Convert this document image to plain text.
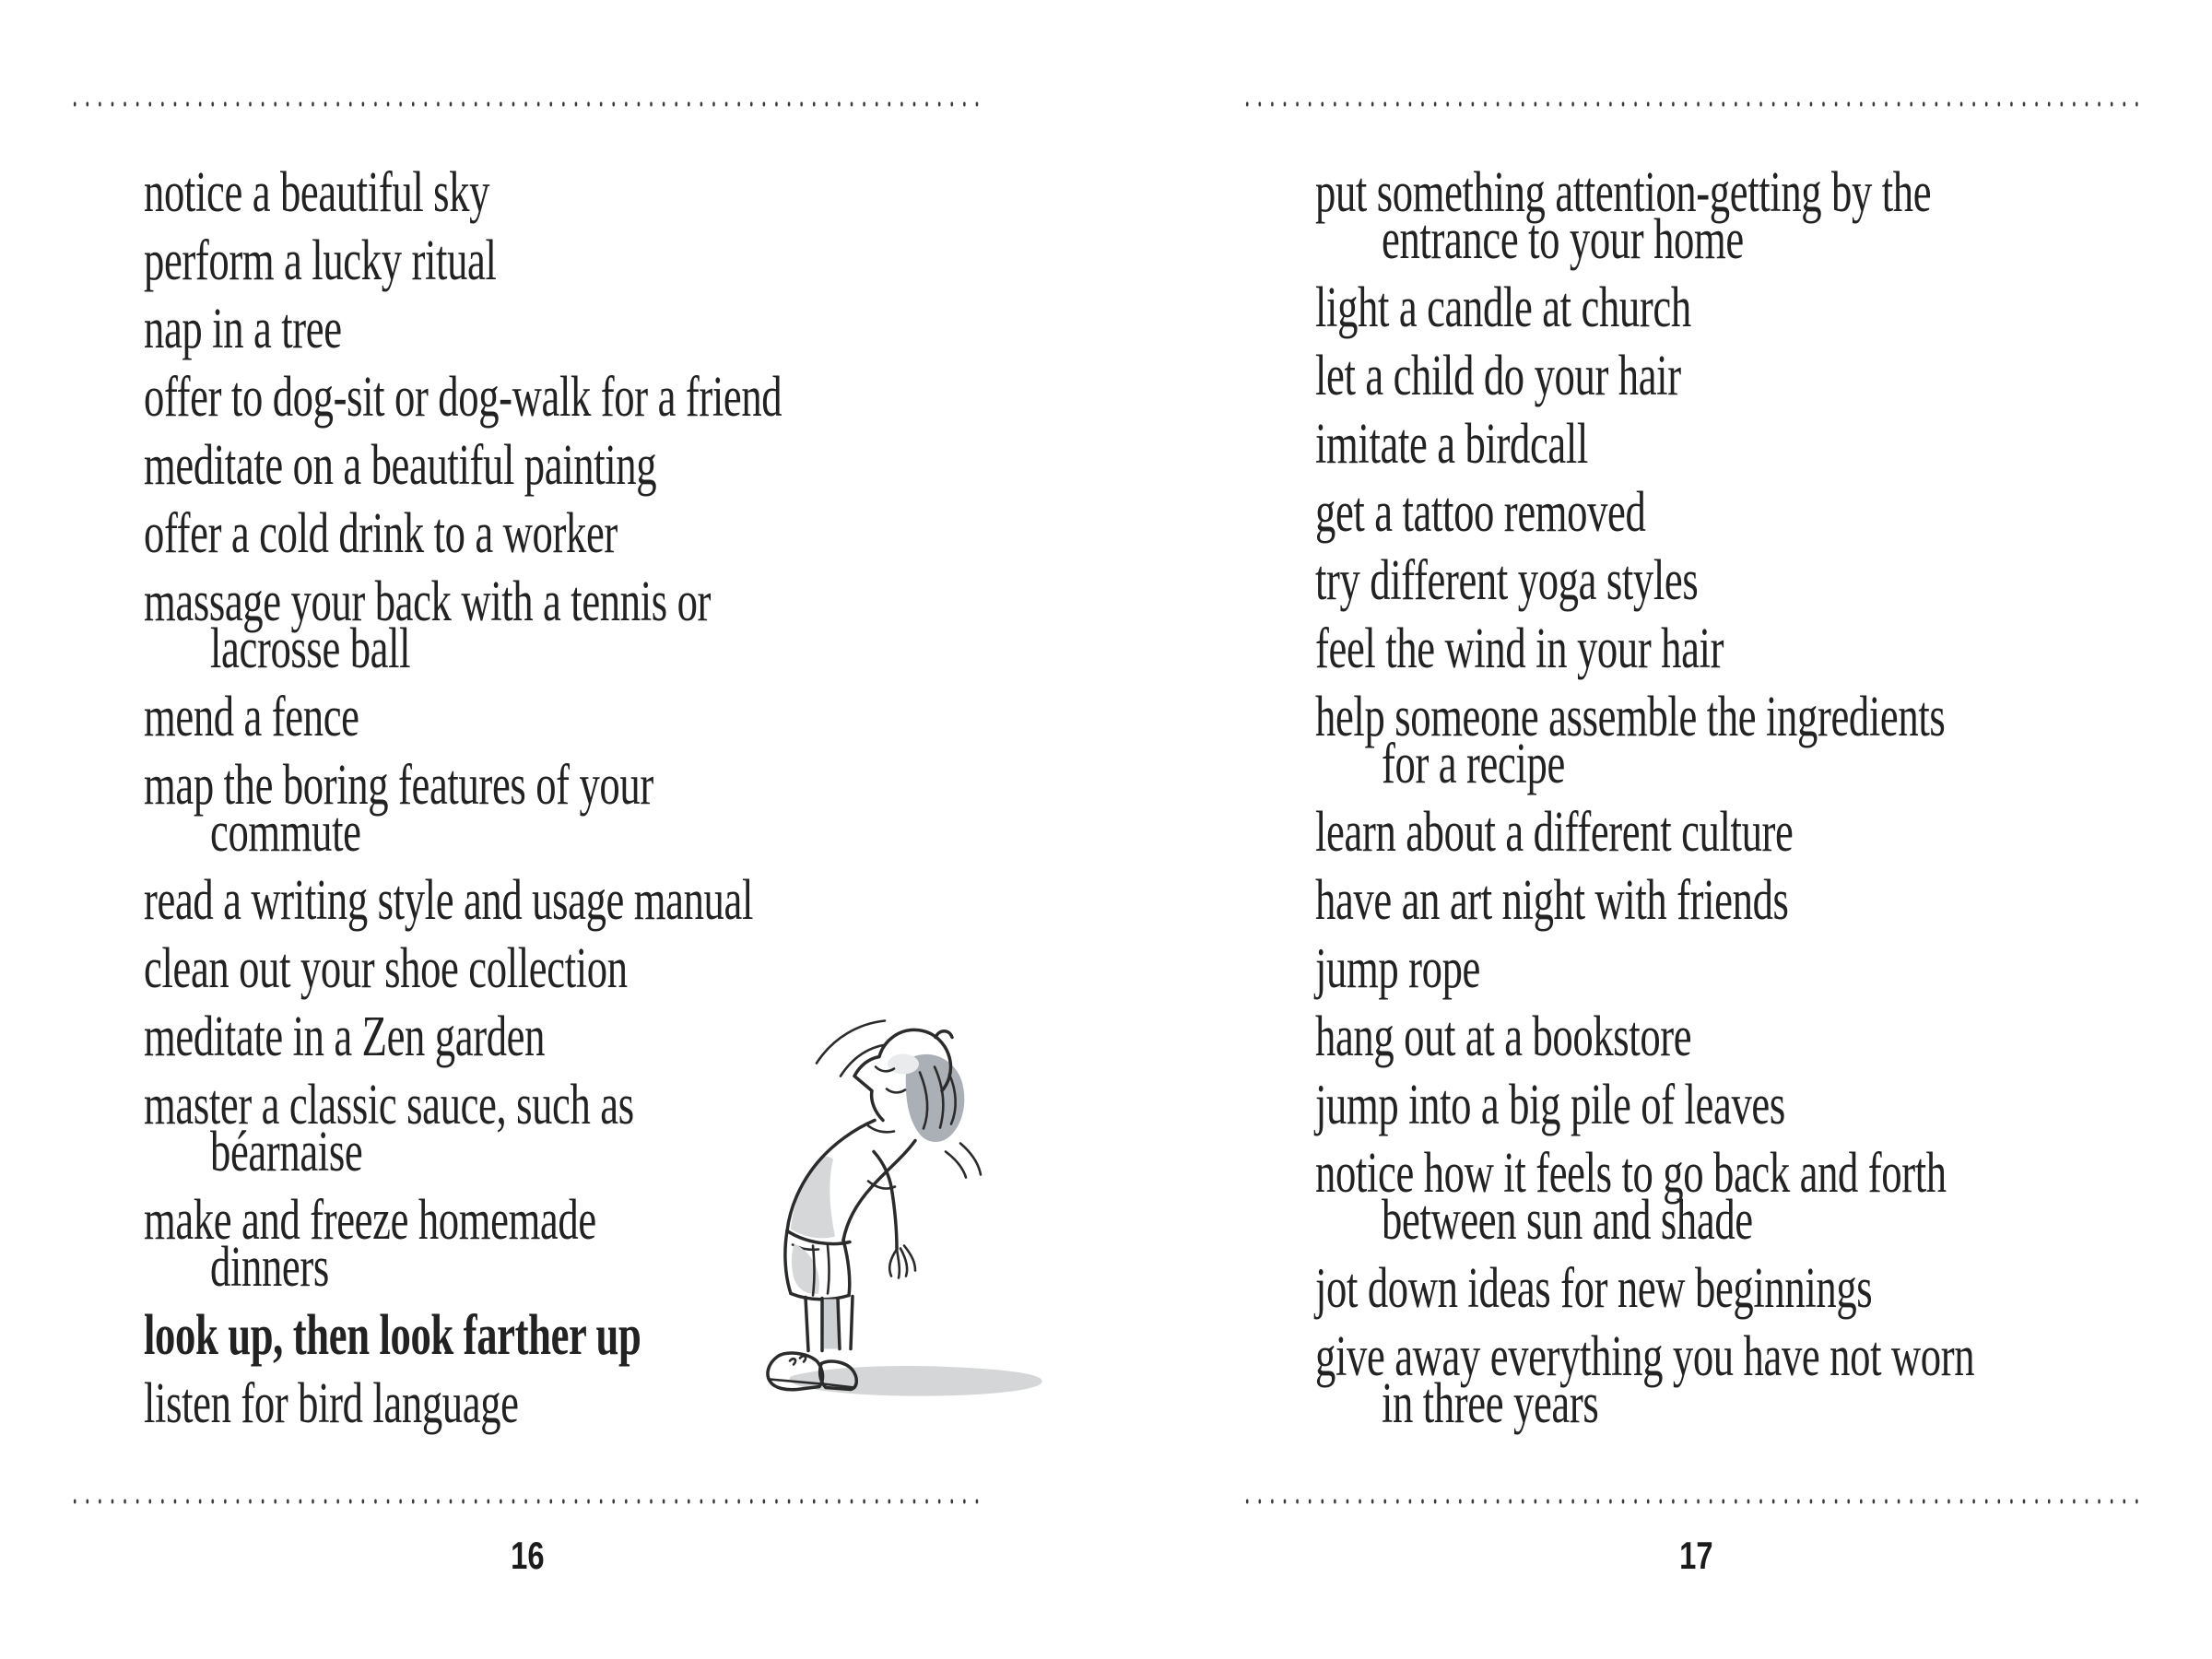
notice a beautiful sky
perform a lucky ritual
nap in a tree
offer to dog-sit or dog-walk for a friend
meditate on a beautiful painting
offer a cold drink to a worker
massage your back with a tennis or
lacrosse ball
mend a fence
map the boring features of your
commute
read a writing style and usage manual
clean out your shoe collection
meditate in a Zen garden
master a classic sauce, such as
béarnaise
make and freeze homemade
dinners
look up, then look farther up
listen for bird language
16
put something attention-getting by the
entrance to your home
light a candle at church
let a child do your hair
imitate a birdcall
get a tattoo removed
try different yoga styles
feel the wind in your hair
help someone assemble the ingredients
for a recipe
learn about a different culture
have an art night with friends
jump rope
hang out at a bookstore
jump into a big pile of leaves
notice how it feels to go back and forth
between sun and shade
jot down ideas for new beginnings
give away everything you have not worn
in three years
17
